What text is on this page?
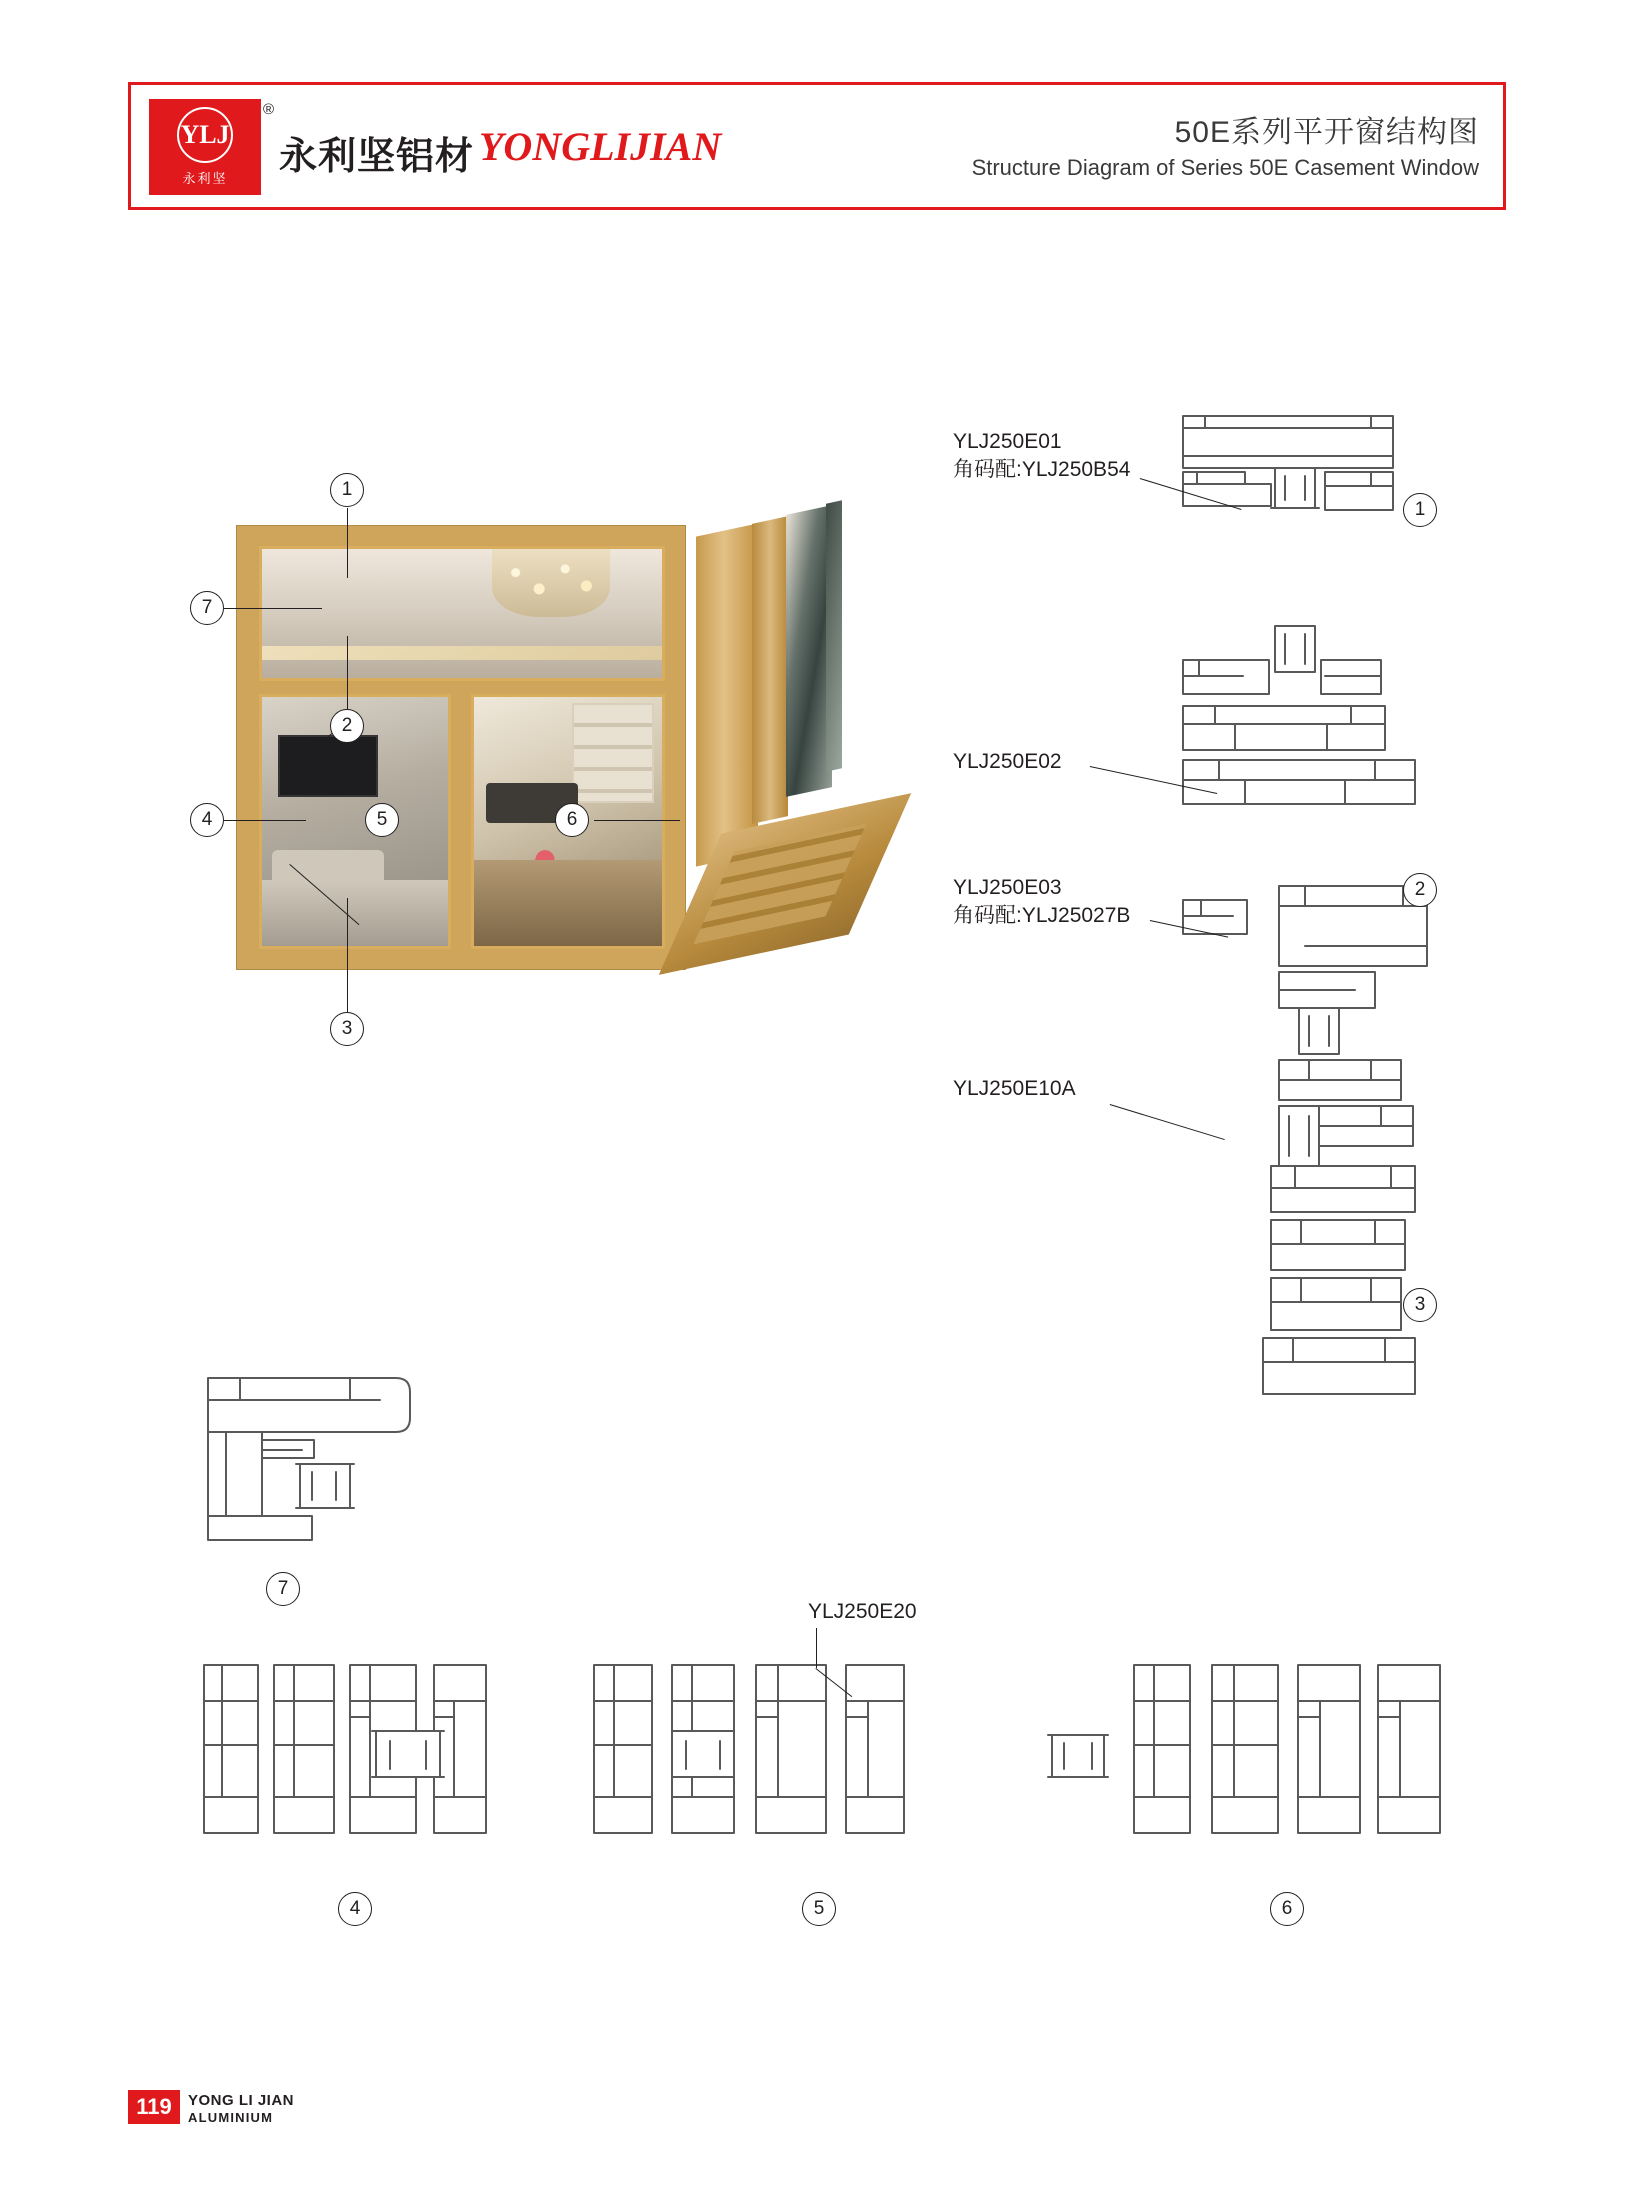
YLJ
永利坚
®
永利坚铝材 YONGLIJIAN	50E系列平开窗结构图
Structure Diagram of Series 50E Casement Window
1
7
2
4	5	6
3
YLJ250E01
角码配:YLJ250B54
YLJ250E02
YLJ250E03
角码配:YLJ25027B
YLJ250E10A
1
2
3
7
YLJ250E20
4	5	6
119	YONG LI JIAN
ALUMINIUM
